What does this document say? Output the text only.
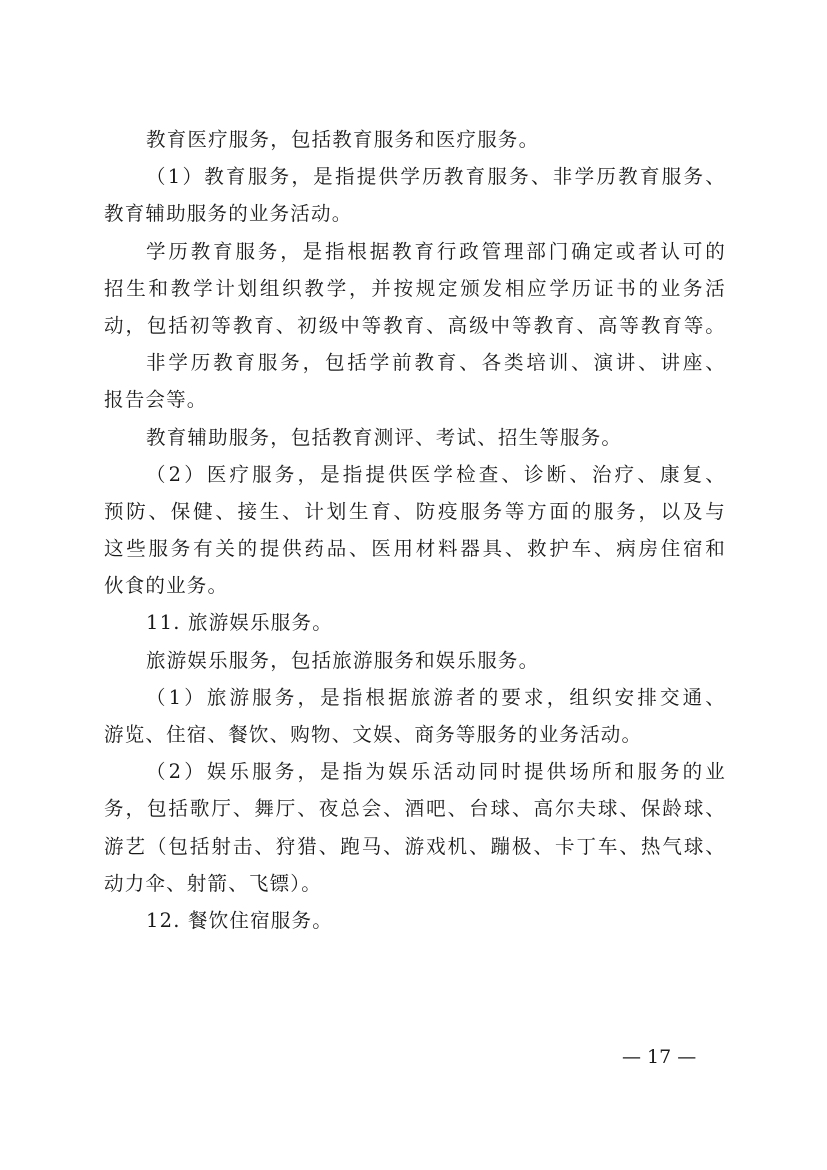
教育医疗服务，包括教育服务和医疗服务。
（1）教育服务，是指提供学历教育服务、非学历教育服务、
教育辅助服务的业务活动。
学历教育服务，是指根据教育行政管理部门确定或者认可的
招生和教学计划组织教学，并按规定颁发相应学历证书的业务活
动，包括初等教育、初级中等教育、高级中等教育、高等教育等。
非学历教育服务，包括学前教育、各类培训、演讲、讲座、
报告会等。
教育辅助服务，包括教育测评、考试、招生等服务。
（2）医疗服务，是指提供医学检查、诊断、治疗、康复、
预防、保健、接生、计划生育、防疫服务等方面的服务，以及与
这些服务有关的提供药品、医用材料器具、救护车、病房住宿和
伙食的业务。
11. 旅游娱乐服务。
旅游娱乐服务，包括旅游服务和娱乐服务。
（1）旅游服务，是指根据旅游者的要求，组织安排交通、
游览、住宿、餐饮、购物、文娱、商务等服务的业务活动。
（2）娱乐服务，是指为娱乐活动同时提供场所和服务的业
务，包括歌厅、舞厅、夜总会、酒吧、台球、高尔夫球、保龄球、
游艺（包括射击、狩猎、跑马、游戏机、蹦极、卡丁车、热气球、
动力伞、射箭、飞镖）。
12. 餐饮住宿服务。
— 17 —
